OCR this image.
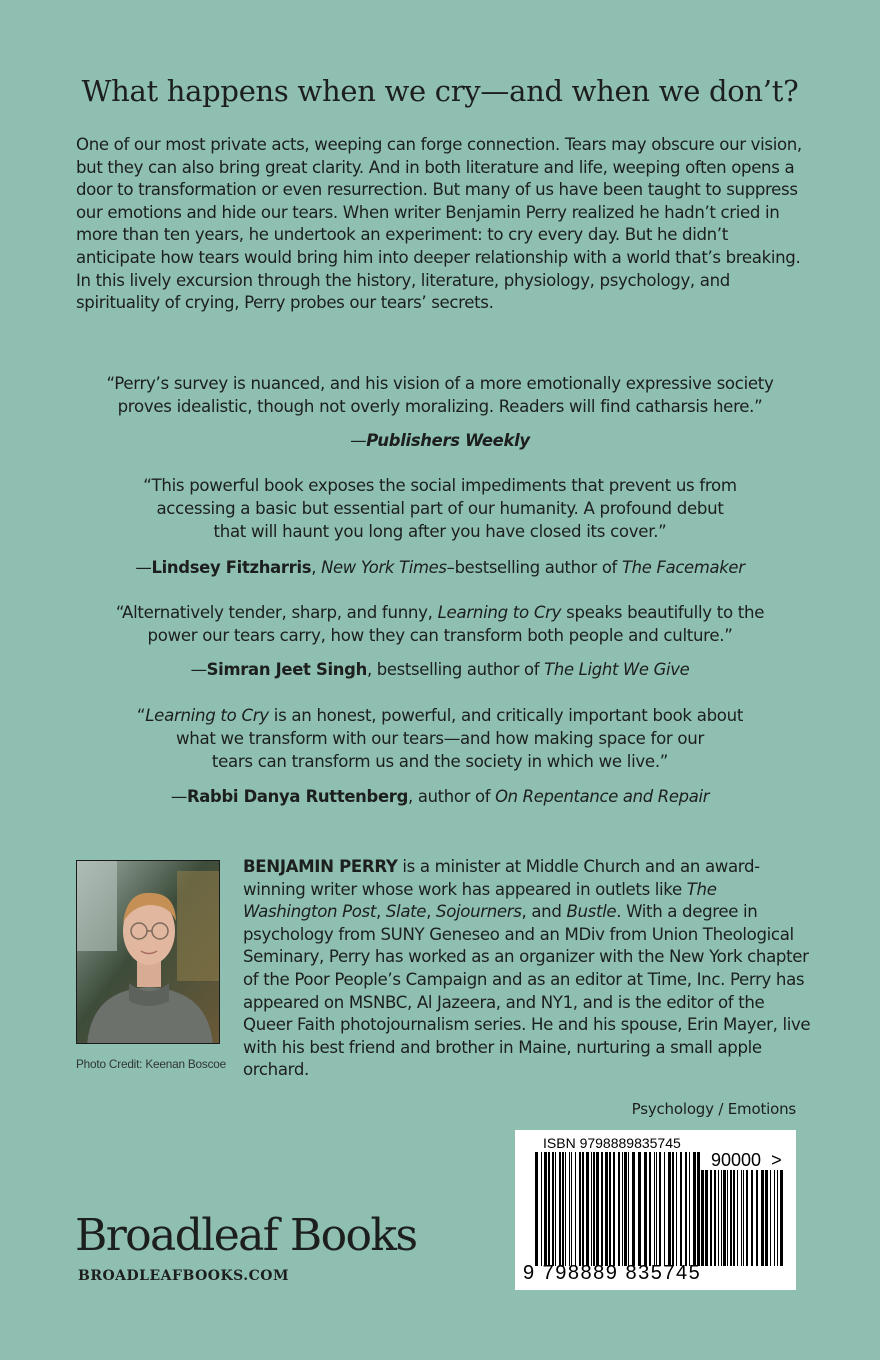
What happens when we cry—and when we don’t?
One of our most private acts, weeping can forge connection. Tears may obscure our vision, but they can also bring great clarity. And in both literature and life, weeping often opens a door to transformation or even resurrection. But many of us have been taught to suppress our emotions and hide our tears. When writer Benjamin Perry realized he hadn’t cried in more than ten years, he undertook an experiment: to cry every day. But he didn’t anticipate how tears would bring him into deeper relationship with a world that’s breaking. In this lively excursion through the history, literature, physiology, psychology, and spirituality of crying, Perry probes our tears’ secrets.
“Perry’s survey is nuanced, and his vision of a more emotionally expressive society
proves idealistic, though not overly moralizing. Readers will find catharsis here.”
—Publishers Weekly
“This powerful book exposes the social impediments that prevent us from
accessing a basic but essential part of our humanity. A profound debut
that will haunt you long after you have closed its cover.”
—Lindsey Fitzharris, New York Times–bestselling author of The Facemaker
“Alternatively tender, sharp, and funny, Learning to Cry speaks beautifully to the
power our tears carry, how they can transform both people and culture.”
—Simran Jeet Singh, bestselling author of The Light We Give
“Learning to Cry is an honest, powerful, and critically important book about
what we transform with our tears—and how making space for our
tears can transform us and the society in which we live.”
—Rabbi Danya Ruttenberg, author of On Repentance and Repair
Photo Credit: Keenan Boscoe
BENJAMIN PERRY is a minister at Middle Church and an award-winning writer whose work has appeared in outlets like The Washington Post, Slate, Sojourners, and Bustle. With a degree in psychology from SUNY Geneseo and an MDiv from Union Theological Seminary, Perry has worked as an organizer with the New York chapter of the Poor People’s Campaign and as an editor at Time, Inc. Perry has appeared on MSNBC, Al Jazeera, and NY1, and is the editor of the Queer Faith photojournalism series. He and his spouse, Erin Mayer, live with his best friend and brother in Maine, nurturing a small apple orchard.
Psychology / Emotions
ISBN 9798889835745
90000 >
9 798889 835745
Broadleaf Books
BROADLEAFBOOKS.COM
